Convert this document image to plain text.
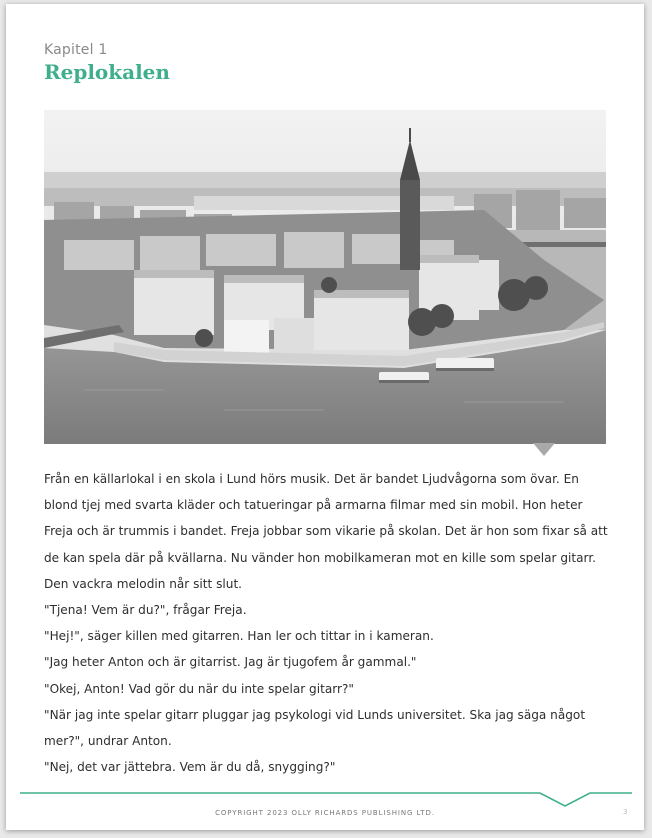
Kapitel 1
Replokalen

Från en källarlokal i en skola i Lund hörs musik. Det är bandet Ljudvågorna som övar. En blond tjej med svarta kläder och tatueringar på armarna filmar med sin mobil. Hon heter Freja och är trummis i bandet. Freja jobbar som vikarie på skolan. Det är hon som fixar så att de kan spela där på kvällarna. Nu vänder hon mobilkameran mot en kille som spelar gitarr. Den vackra melodin når sitt slut.

"Tjena! Vem är du?", frågar Freja.

"Hej!", säger killen med gitarren. Han ler och tittar in i kameran.

"Jag heter Anton och är gitarrist. Jag är tjugofem år gammal."

"Okej, Anton! Vad gör du när du inte spelar gitarr?"

"När jag inte spelar gitarr pluggar jag psykologi vid Lunds universitet. Ska jag säga något mer?", undrar Anton.

"Nej, det var jättebra. Vem är du då, snygging?"

COPYRIGHT 2023 OLLY RICHARDS PUBLISHING LTD.	3
